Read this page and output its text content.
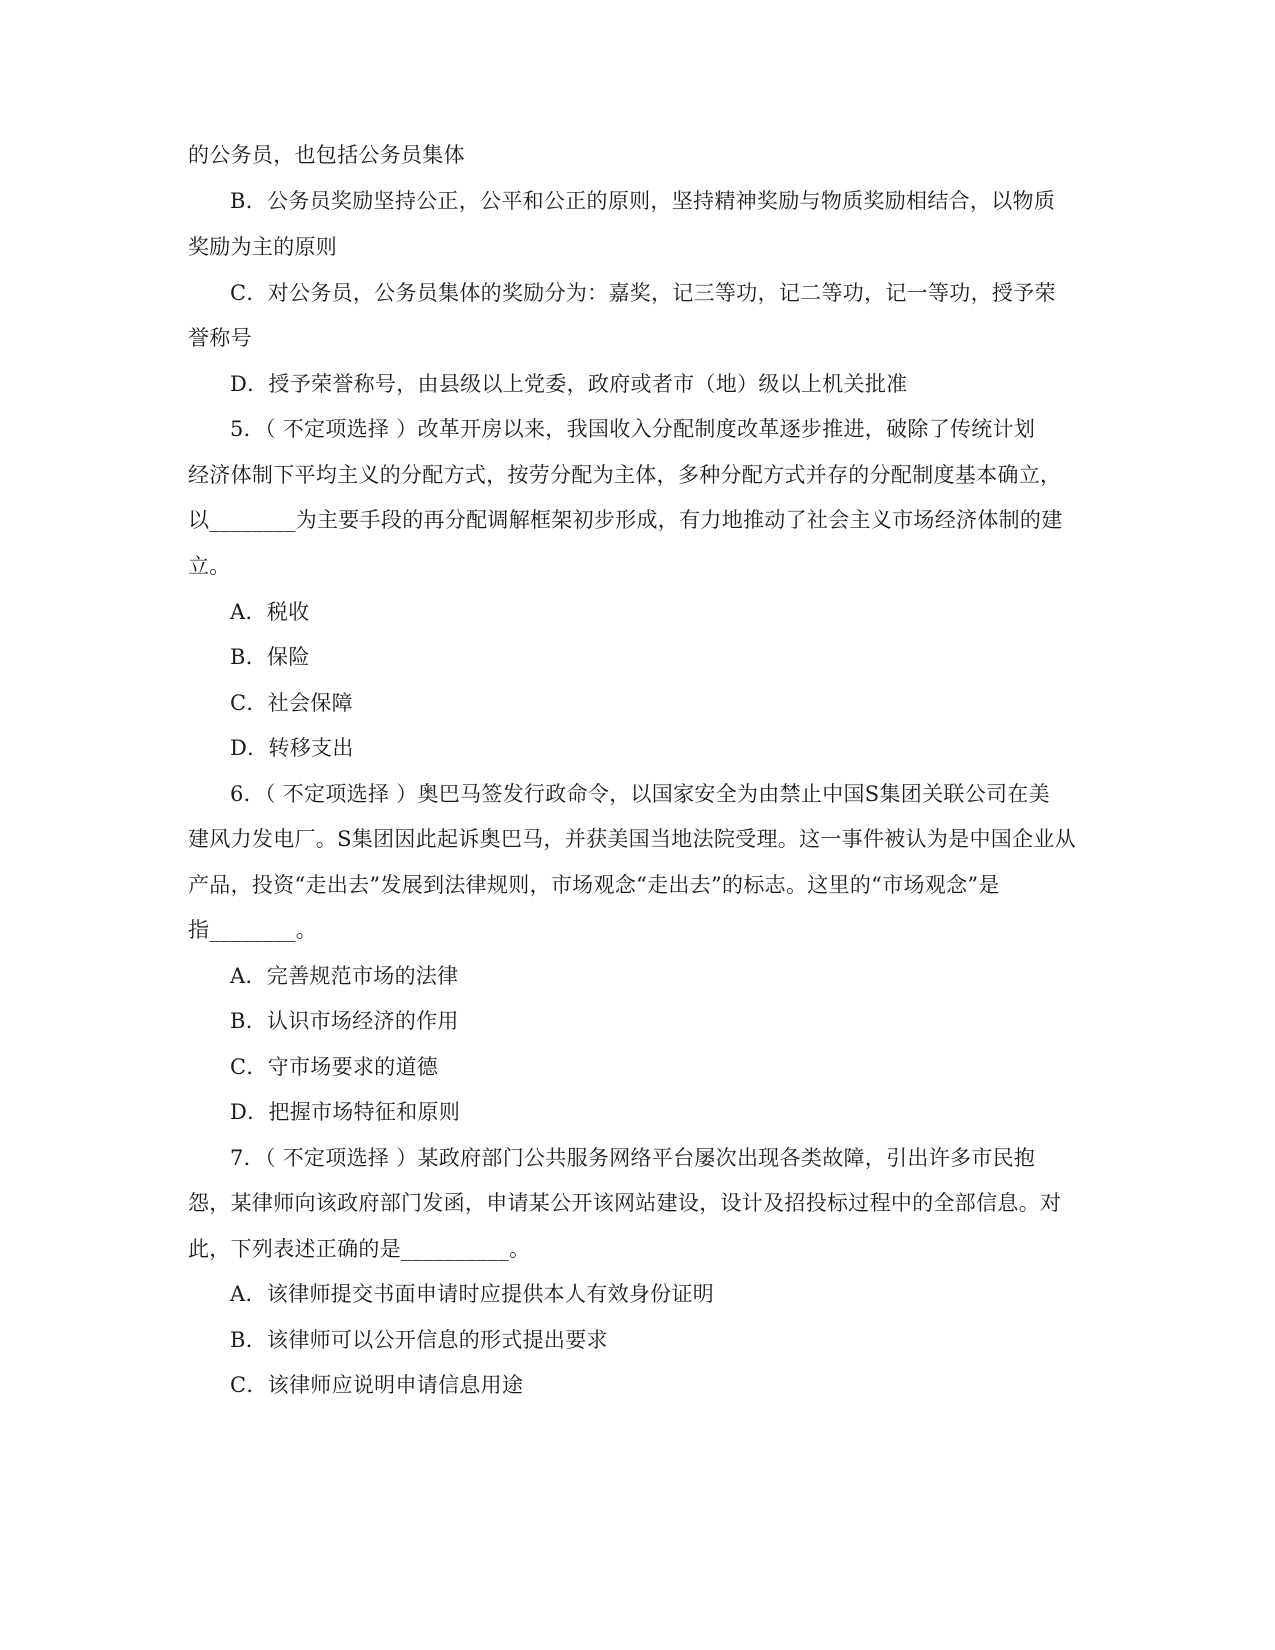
的公务员，也包括公务员集体
B．公务员奖励坚持公正，公平和公正的原则，坚持精神奖励与物质奖励相结合，以物质
奖励为主的原则
C．对公务员，公务员集体的奖励分为：嘉奖，记三等功，记二等功，记一等功，授予荣
誉称号
D．授予荣誉称号，由县级以上党委，政府或者市（地）级以上机关批准
5．（ 不定项选择 ）改革开房以来，我国收入分配制度改革逐步推进，破除了传统计划
经济体制下平均主义的分配方式，按劳分配为主体，多种分配方式并存的分配制度基本确立，
以________为主要手段的再分配调解框架初步形成，有力地推动了社会主义市场经济体制的建
立。
A．税收
B．保险
C．社会保障
D．转移支出
6．（ 不定项选择 ）奥巴马签发行政命令，以国家安全为由禁止中国S集团关联公司在美
建风力发电厂。S集团因此起诉奥巴马，并获美国当地法院受理。这一事件被认为是中国企业从
产品，投资“走出去”发展到法律规则，市场观念“走出去”的标志。这里的“市场观念”是
指________。
A．完善规范市场的法律
B．认识市场经济的作用
C．守市场要求的道德
D．把握市场特征和原则
7．（ 不定项选择 ）某政府部门公共服务网络平台屡次出现各类故障，引出许多市民抱
怨，某律师向该政府部门发函，申请某公开该网站建设，设计及招投标过程中的全部信息。对
此，下列表述正确的是__________。
A．该律师提交书面申请时应提供本人有效身份证明
B．该律师可以公开信息的形式提出要求
C．该律师应说明申请信息用途
